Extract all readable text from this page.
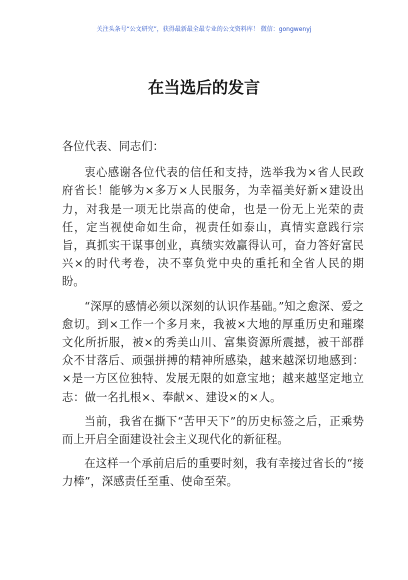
关注头条号“公文研究”，获得最新最全最专业的公文资料库！ 微信：gongwenyj
在当选后的发言

各位代表、同志们：

衷心感谢各位代表的信任和支持，选举我为×省人民政府省长！能够为×多万×人民服务，为幸福美好新×建设出力，对我是一项无比崇高的使命，也是一份无上光荣的责任，定当视使命如生命，视责任如泰山，真情实意践行宗旨，真抓实干谋事创业，真绩实效赢得认可，奋力答好富民兴×的时代考卷，决不辜负党中央的重托和全省人民的期盼。

“深厚的感情必须以深刻的认识作基础。”知之愈深、爱之愈切。到×工作一个多月来，我被×大地的厚重历史和璀璨文化所折服，被×的秀美山川、富集资源所震撼，被干部群众不甘落后、顽强拼搏的精神所感染，越来越深切地感到：×是一方区位独特、发展无限的如意宝地；越来越坚定地立志：做一名扎根×、奉献×、建设×的×人。

当前，我省在撕下“苦甲天下”的历史标签之后，正乘势而上开启全面建设社会主义现代化的新征程。

在这样一个承前启后的重要时刻，我有幸接过省长的“接力棒”，深感责任至重、使命至荣。
